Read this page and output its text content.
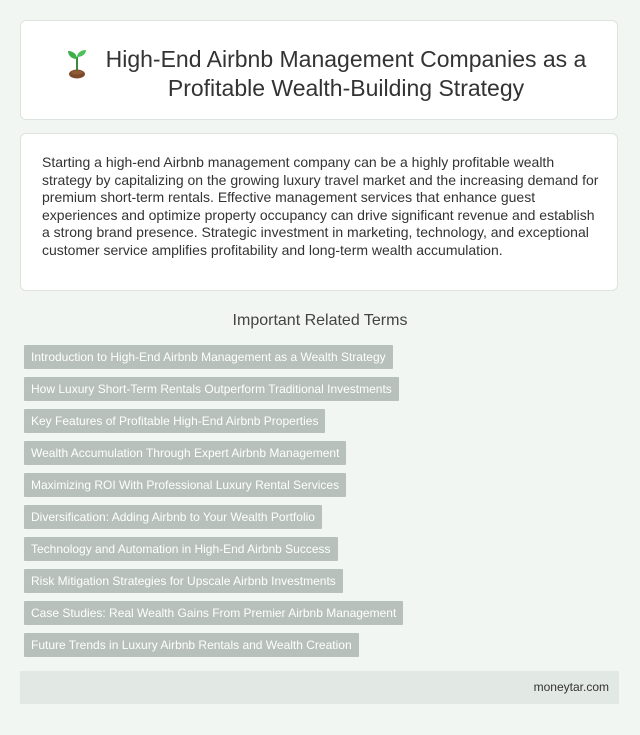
High-End Airbnb Management Companies as a Profitable Wealth-Building Strategy

Starting a high-end Airbnb management company can be a highly profitable wealth strategy by capitalizing on the growing luxury travel market and the increasing demand for premium short-term rentals. Effective management services that enhance guest experiences and optimize property occupancy can drive significant revenue and establish a strong brand presence. Strategic investment in marketing, technology, and exceptional customer service amplifies profitability and long-term wealth accumulation.

Important Related Terms
Introduction to High-End Airbnb Management as a Wealth Strategy
How Luxury Short-Term Rentals Outperform Traditional Investments
Key Features of Profitable High-End Airbnb Properties
Wealth Accumulation Through Expert Airbnb Management
Maximizing ROI With Professional Luxury Rental Services
Diversification: Adding Airbnb to Your Wealth Portfolio
Technology and Automation in High-End Airbnb Success
Risk Mitigation Strategies for Upscale Airbnb Investments
Case Studies: Real Wealth Gains From Premier Airbnb Management
Future Trends in Luxury Airbnb Rentals and Wealth Creation
moneytar.com
